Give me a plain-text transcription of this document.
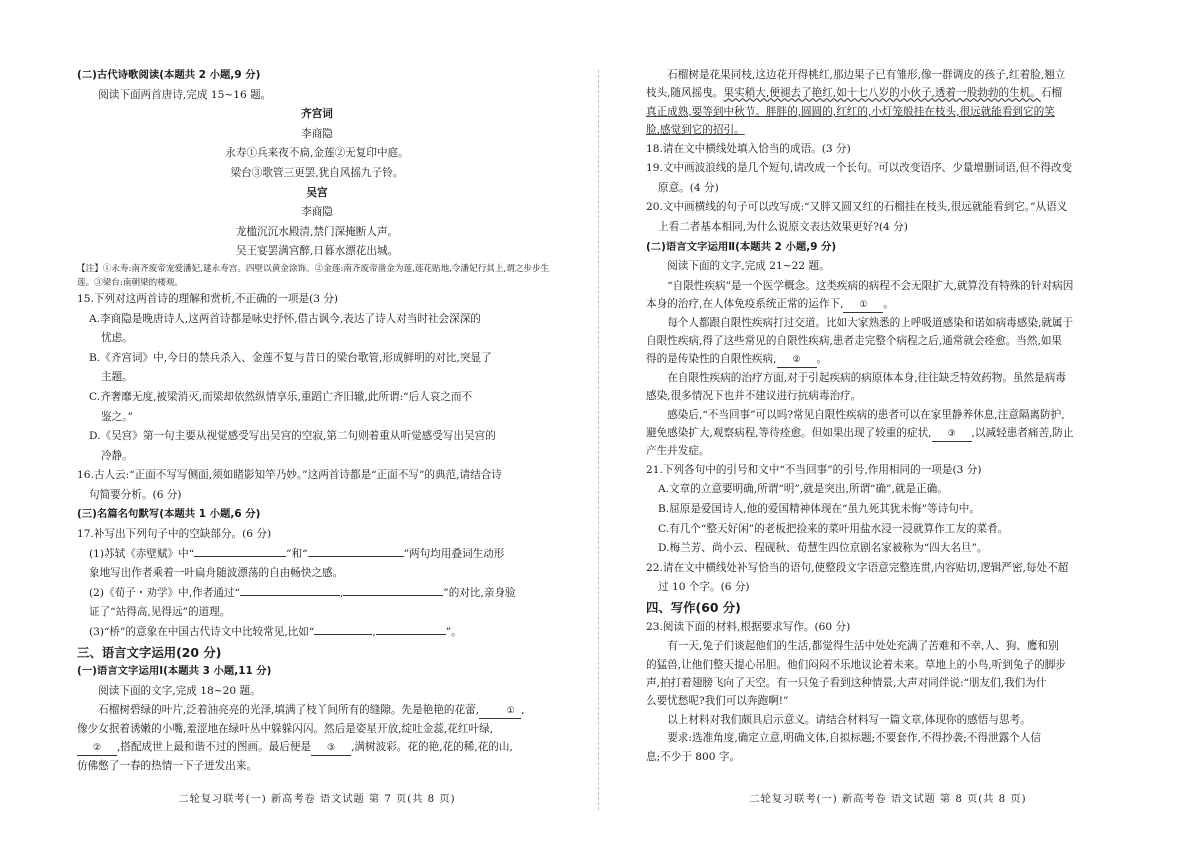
(二)古代诗歌阅读(本题共 2 小题,9 分)

阅读下面两首唐诗,完成 15~16 题。

齐宫词

李商隐

永寿①兵来夜不扃,金莲②无复印中庭。

梁台③歌管三更罢,犹自风摇九子铃。

吴宫

李商隐

龙槛沉沉水殿清,禁门深掩断人声。

吴王宴罢满宫醉,日暮水漂花出城。

【注】①永寿:南齐废帝宠爱潘妃,建永寿宫。四壁以黄金涂饰。②金莲:南齐废帝凿金为莲,莲花贴地,令潘妃行其上,谓之步步生莲。③梁台:南朝梁的楼观。

15.下列对这两首诗的理解和赏析,不正确的一项是(3 分)

A.李商隐是晚唐诗人,这两首诗都是咏史抒怀,借古讽今,表达了诗人对当时社会深深的

忧虑。

B.《齐宫词》中,今日的禁兵杀入、金莲不复与昔日的梁台歌管,形成鲜明的对比,突显了

主题。

C.齐奢靡无度,被梁消灭,而梁却依然纵情享乐,重蹈亡齐旧辙,此所谓:“后人哀之而不

鉴之。”

D.《吴宫》第一句主要从视觉感受写出吴宫的空寂,第二句则着重从听觉感受写出吴宫的

冷静。

16.古人云:“正面不写写侧面,须如睹影知竿乃妙。”这两首诗都是“正面不写”的典范,请结合诗

句简要分析。(6 分)

(三)名篇名句默写(本题共 1 小题,6 分)

17.补写出下列句子中的空缺部分。(6 分)

(1)苏轼《赤壁赋》中“	”和“	”两句均用叠词生动形

象地写出作者乘着一叶扁舟随波漂荡的自由畅快之感。

(2)《荀子・劝学》中,作者通过“	,	”的对比,亲身验

证了“站得高,见得远”的道理。

(3)“桥”的意象在中国古代诗文中比较常见,比如“	,	”。

三、语言文字运用(20 分)

(一)语言文字运用Ⅰ(本题共 3 小题,11 分)

阅读下面的文字,完成 18~20 题。

石榴树碧绿的叶片,泛着油亮亮的光泽,填满了枝丫间所有的缝隙。先是艳艳的花蕾,	① ,

像少女抿着诱嫩的小嘴,羞涩地在绿叶丛中躲躲闪闪。然后是姿星开放,绽吐金蕊,花红叶绿,

② ,搭配成世上最和谐不过的图画。最后便是 ③ ,满树波彩。花的艳,花的稀,花的山,

仿佛憋了一春的热情一下子迸发出来。

石榴树是花果同枝,这边花开得桃红,那边果子已有雏形,像一群调皮的孩子,红着脸,翘立

枝头,随风摇曳。果实稍大,便褪去了艳红,如十七八岁的小伙子,透着一股勃勃的生机。石榴

真正成熟,要等到中秋节。胖胖的,圆圆的,红红的,小灯笼般挂在枝头,很远就能看到它的笑

脸,感觉到它的招引。

18.请在文中横线处填入恰当的成语。(3 分)

19.文中画波浪线的是几个短句,请改成一个长句。可以改变语序、少量增删词语,但不得改变

原意。(4 分)

20.文中画横线的句子可以改写成:“又胖又圆又红的石榴挂在枝头,很远就能看到它。”从语义

上看二者基本相同,为什么说原文表达效果更好?(4 分)

(二)语言文字运用Ⅱ(本题共 2 小题,9 分)

阅读下面的文字,完成 21~22 题。

“自限性疾病”是一个医学概念。这类疾病的病程不会无限扩大,就算没有特殊的针对病因

本身的治疗,在人体免疫系统正常的运作下, ① 。

每个人都跟自限性疾病打过交道。比如大家熟悉的上呼吸道感染和诺如病毒感染,就属于

自限性疾病,得了这些常见的自限性疾病,患者走完整个病程之后,通常就会痊愈。当然,如果

得的是传染性的自限性疾病, ② 。

在自限性疾病的治疗方面,对于引起疾病的病原体本身,往往缺乏特效药物。虽然是病毒

感染,很多情况下也并不建议进行抗病毒治疗。

感染后,“不当回事”可以吗?常见自限性疾病的患者可以在家里静养休息,注意隔离防护,

避免感染扩大,观察病程,等待痊愈。但如果出现了较重的症状, ③ ,以减轻患者痛苦,防止

产生并发症。

21.下列各句中的引号和文中“不当回事”的引号,作用相同的一项是(3 分)

A.文章的立意要明确,所谓“明”,就是突出,所谓“确”,就是正确。

B.屈原是爱国诗人,他的爱国精神体现在“虽九死其犹未悔”等诗句中。

C.有几个“整天好闲”的老板把捡来的菜叶用盐水浸一浸就算作工友的菜肴。

D.梅兰芳、尚小云、程砚秋、荀慧生四位京剧名家被称为“四大名旦”。

22.请在文中横线处补写恰当的语句,使整段文字语意完整连贯,内容贴切,逻辑严密,每处不超

过 10 个字。(6 分)

四、写作(60 分)

23.阅读下面的材料,根据要求写作。(60 分)

有一天,兔子们谈起他们的生活,都觉得生活中处处充满了苦难和不幸,人、狗、鹰和别

的猛兽,让他们整天提心吊胆。他们闷闷不乐地议论着未来。草地上的小鸟,听到兔子的脚步

声,拍打着翅膀飞向了天空。有一只兔子看到这种情景,大声对同伴说:“朋友们,我们为什

么要忧愁呢?我们可以奔跑啊!”

以上材料对我们颇具启示意义。请结合材料写一篇文章,体现你的感悟与思考。

要求:选准角度,确定立意,明确文体,自拟标题;不要套作,不得抄袭;不得泄露个人信

息;不少于 800 字。

二轮复习联考(一) 新高考卷 语文试题 第 7 页(共 8 页)	二轮复习联考(一) 新高考卷 语文试题 第 8 页(共 8 页)
